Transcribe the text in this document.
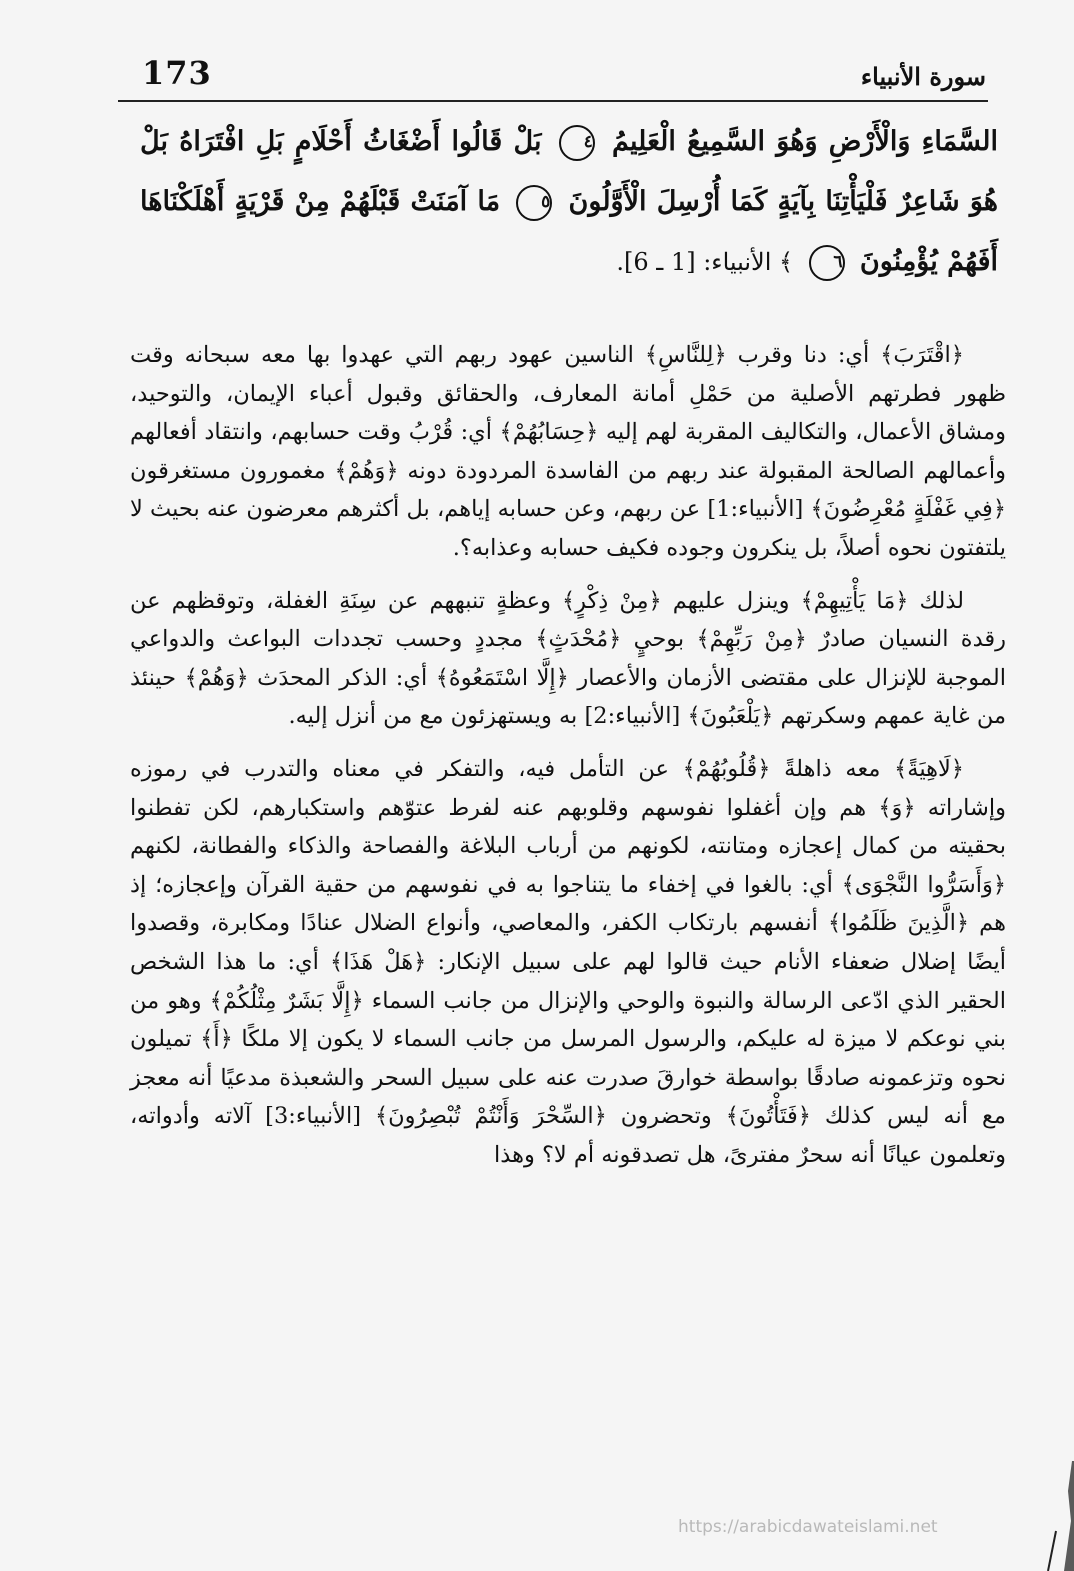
173	سورة الأنبياء
السَّمَاءِ وَالْأَرْضِ وَهُوَ السَّمِيعُ الْعَلِيمُ ٤ بَلْ قَالُوا أَضْغَاثُ أَحْلَامٍ بَلِ افْتَرَاهُ بَلْ هُوَ شَاعِرٌ فَلْيَأْتِنَا بِآيَةٍ كَمَا أُرْسِلَ الْأَوَّلُونَ ٥ مَا آمَنَتْ قَبْلَهُمْ مِنْ قَرْيَةٍ أَهْلَكْنَاهَا أَفَهُمْ يُؤْمِنُونَ ٦ ﴾ الأنبياء: [1 ـ 6].

﴿اقْتَرَبَ﴾ أي: دنا وقرب ﴿لِلنَّاسِ﴾ الناسين عهود ربهم التي عهدوا بها معه سبحانه وقت ظهور فطرتهم الأصلية من حَمْلِ أمانة المعارف، والحقائق وقبول أعباء الإيمان، والتوحيد، ومشاق الأعمال، والتكاليف المقربة لهم إليه ﴿حِسَابُهُمْ﴾ أي: قُرْبُ وقت حسابهم، وانتقاد أفعالهم وأعمالهم الصالحة المقبولة عند ربهم من الفاسدة المردودة دونه ﴿وَهُمْ﴾ مغمورون مستغرقون ﴿فِي غَفْلَةٍ مُعْرِضُونَ﴾ [الأنبياء:1] عن ربهم، وعن حسابه إياهم، بل أكثرهم معرضون عنه بحيث لا يلتفتون نحوه أصلاً، بل ينكرون وجوده فكيف حسابه وعذابه؟.

لذلك ﴿مَا يَأْتِيهِمْ﴾ وينزل عليهم ﴿مِنْ ذِكْرٍ﴾ وعظةٍ تنبههم عن سِنَةِ الغفلة، وتوقظهم عن رقدة النسيان صادرٌ ﴿مِنْ رَبِّهِمْ﴾ بوحيٍ ﴿مُحْدَثٍ﴾ مجددٍ وحسب تجددات البواعث والدواعي الموجبة للإنزال على مقتضى الأزمان والأعصار ﴿إِلَّا اسْتَمَعُوهُ﴾ أي: الذكر المحدَث ﴿وَهُمْ﴾ حينئذ من غاية عمهم وسكرتهم ﴿يَلْعَبُونَ﴾ [الأنبياء:2] به ويستهزئون مع من أنزل إليه.

﴿لَاهِيَةً﴾ معه ذاهلةً ﴿قُلُوبُهُمْ﴾ عن التأمل فيه، والتفكر في معناه والتدرب في رموزه وإشاراته ﴿وَ﴾ هم وإن أغفلوا نفوسهم وقلوبهم عنه لفرط عتوّهم واستكبارهم، لكن تفطنوا بحقيته من كمال إعجازه ومتانته، لكونهم من أرباب البلاغة والفصاحة والذكاء والفطانة، لكنهم ﴿وَأَسَرُّوا النَّجْوَى﴾ أي: بالغوا في إخفاء ما يتناجوا به في نفوسهم من حقية القرآن وإعجازه؛ إذ هم ﴿الَّذِينَ ظَلَمُوا﴾ أنفسهم بارتكاب الكفر، والمعاصي، وأنواع الضلال عنادًا ومكابرة، وقصدوا أيضًا إضلال ضعفاء الأنام حيث قالوا لهم على سبيل الإنكار: ﴿هَلْ هَذَا﴾ أي: ما هذا الشخص الحقير الذي ادّعى الرسالة والنبوة والوحي والإنزال من جانب السماء ﴿إِلَّا بَشَرٌ مِثْلُكُمْ﴾ وهو من بني نوعكم لا ميزة له عليكم، والرسول المرسل من جانب السماء لا يكون إلا ملكًا ﴿أَ﴾ تميلون نحوه وتزعمونه صادقًا بواسطة خوارقَ صدرت عنه على سبيل السحر والشعبذة مدعيًا أنه معجز مع أنه ليس كذلك ﴿فَتَأْتُونَ﴾ وتحضرون ﴿السِّحْرَ وَأَنْتُمْ تُبْصِرُونَ﴾ [الأنبياء:3] آلاته وأدواته، وتعلمون عيانًا أنه سحرٌ مفترىً، هل تصدقونه أم لا؟ وهذا

https://arabicdawateislami.net
